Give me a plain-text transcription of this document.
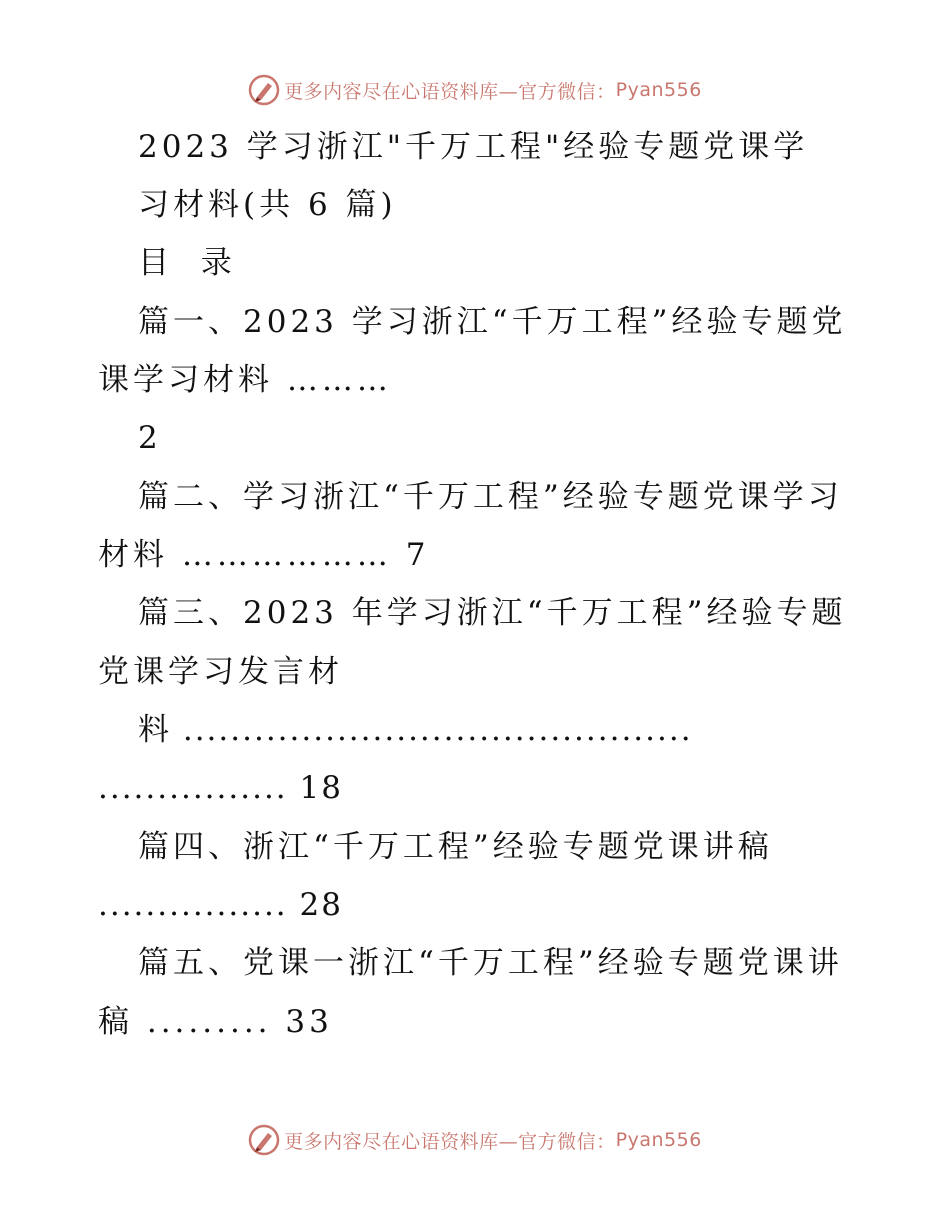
更多内容尽在心语资料库—官方微信： Pyan556
2023 学习浙江"千万工程"经验专题党课学
习材料(共 6 篇)
目  录
篇一、2023 学习浙江“千万工程”经验专题党
课学习材料 ………
2
篇二、学习浙江“千万工程”经验专题党课学习
材料 ……………… 7
篇三、2023 年学习浙江“千万工程”经验专题
党课学习发言材
料 ...........................................
................ 18
篇四、浙江“千万工程”经验专题党课讲稿
................ 28
篇五、党课一浙江“千万工程”经验专题党课讲
稿 ......... 33
更多内容尽在心语资料库—官方微信： Pyan556
